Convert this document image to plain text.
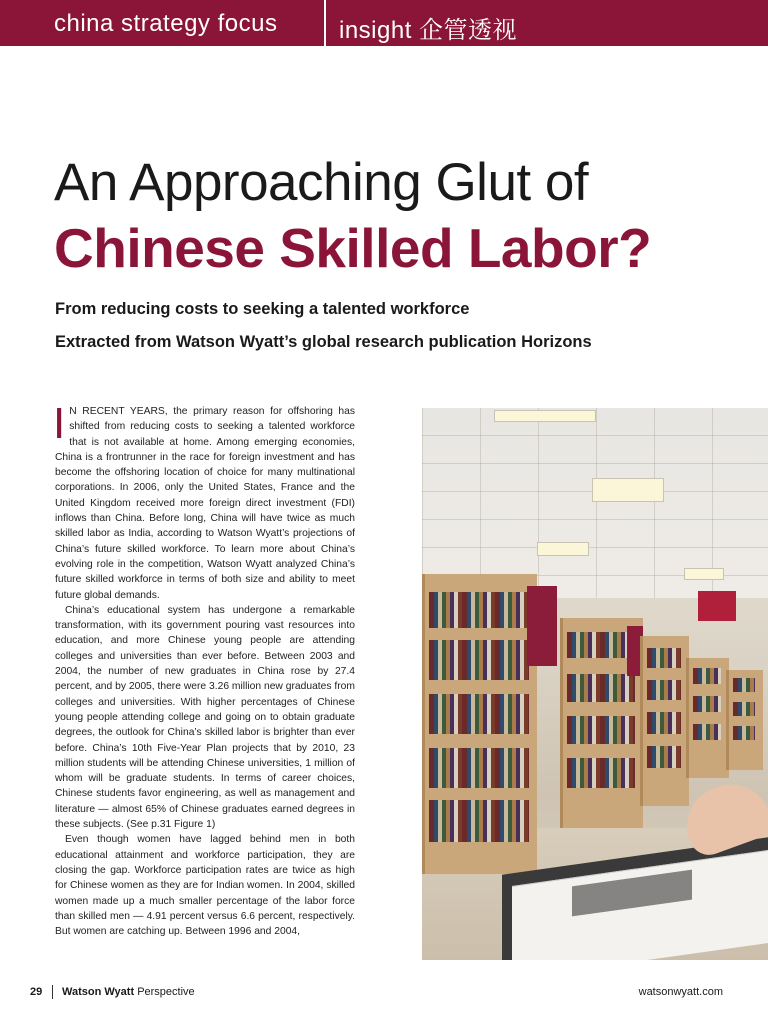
china strategy focus	insight 企管透视
An Approaching Glut of
Chinese Skilled Labor?
From reducing costs to seeking a talented workforce
Extracted from Watson Wyatt’s global research publication Horizons

I N RECENT YEARS, the primary reason for offshoring has shifted from reducing costs to seeking a talented workforce that is not available at home. Among emerging economies, China is a frontrunner in the race for foreign investment and has become the offshoring location of choice for many multinational corporations. In 2006, only the United States, France and the United Kingdom received more foreign direct investment (FDI) inflows than China. Before long, China will have twice as much skilled labor as India, according to Watson Wyatt’s projections of China’s future skilled workforce. To learn more about China’s evolving role in the competition, Watson Wyatt analyzed China’s future skilled workforce in terms of both size and ability to meet future global demands.

China’s educational system has undergone a remarkable transformation, with its government pouring vast resources into education, and more Chinese young people are attending colleges and universities than ever before. Between 2003 and 2004, the number of new graduates in China rose by 27.4 percent, and by 2005, there were 3.26 million new graduates from colleges and universities. With higher percentages of Chinese young people attending college and going on to obtain graduate degrees, the outlook for China’s skilled labor is brighter than ever before. China’s 10th Five-Year Plan projects that by 2010, 23 million students will be attending Chinese universities, 1 million of whom will be graduate students. In terms of career choices, Chinese students favor engineering, as well as management and literature — almost 65% of Chinese graduates earned degrees in these subjects. (See p.31 Figure 1)

Even though women have lagged behind men in both educational attainment and workforce participation, they are closing the gap. Workforce participation rates are twice as high for Chinese women as they are for Indian women. In 2004, skilled women made up a much smaller percentage of the labor force than skilled men — 4.91 percent versus 6.6 percent, respectively. But women are catching up. Between 1996 and 2004,

29 Watson Wyatt Perspective	watsonwyatt.com
